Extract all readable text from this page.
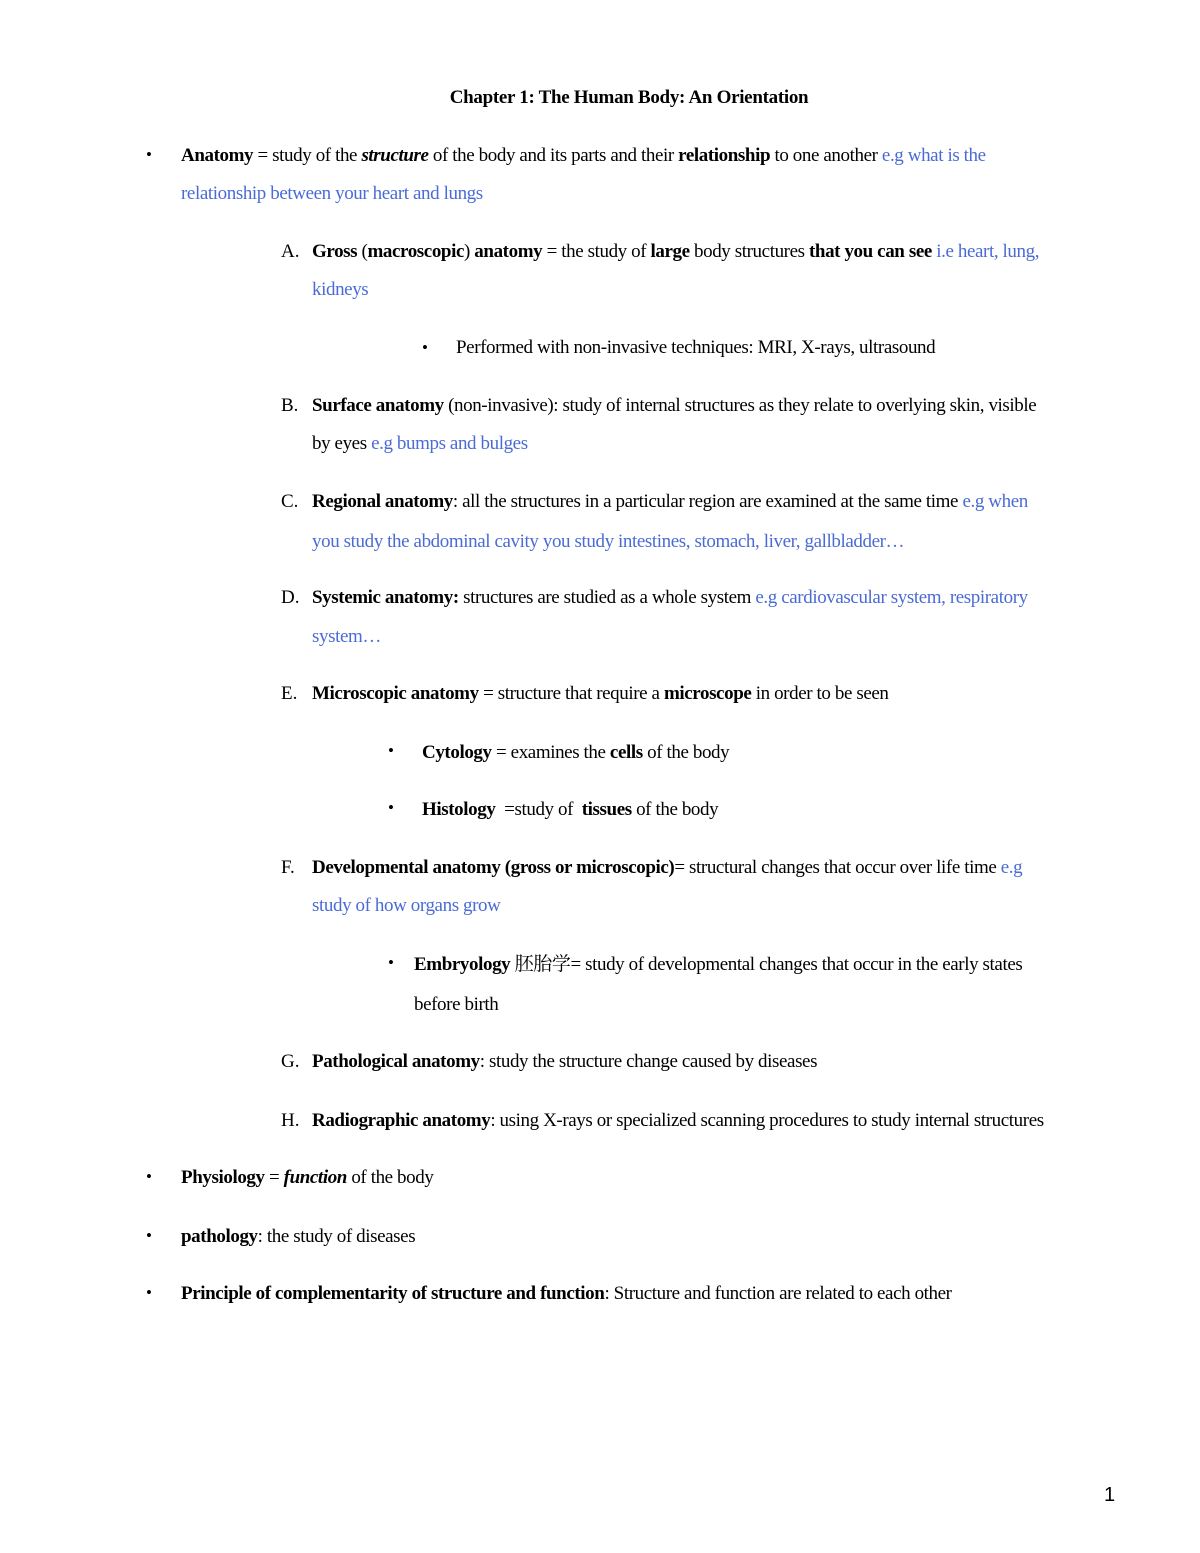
Chapter 1: The Human Body: An Orientation
• Anatomy = study of the structure of the body and its parts and their relationship to one another e.g what is the
relationship between your heart and lungs
A. Gross (macroscopic) anatomy = the study of large body structures that you can see i.e heart, lung,
kidneys
• Performed with non-invasive techniques: MRI, X-rays, ultrasound
B. Surface anatomy (non-invasive): study of internal structures as they relate to overlying skin, visible
by eyes e.g bumps and bulges
C. Regional anatomy: all the structures in a particular region are examined at the same time e.g when
you study the abdominal cavity you study intestines, stomach, liver, gallbladder…
D. Systemic anatomy: structures are studied as a whole system e.g cardiovascular system, respiratory
system…
E. Microscopic anatomy = structure that require a microscope in order to be seen
• Cytology = examines the cells of the body
• Histology  =study of  tissues of the body
F. Developmental anatomy (gross or microscopic)= structural changes that occur over life time e.g
study of how organs grow
• Embryology 胚胎学= study of developmental changes that occur in the early states
before birth
G. Pathological anatomy: study the structure change caused by diseases
H. Radiographic anatomy: using X-rays or specialized scanning procedures to study internal structures
• Physiology = function of the body
• pathology: the study of diseases
• Principle of complementarity of structure and function: Structure and function are related to each other
1
